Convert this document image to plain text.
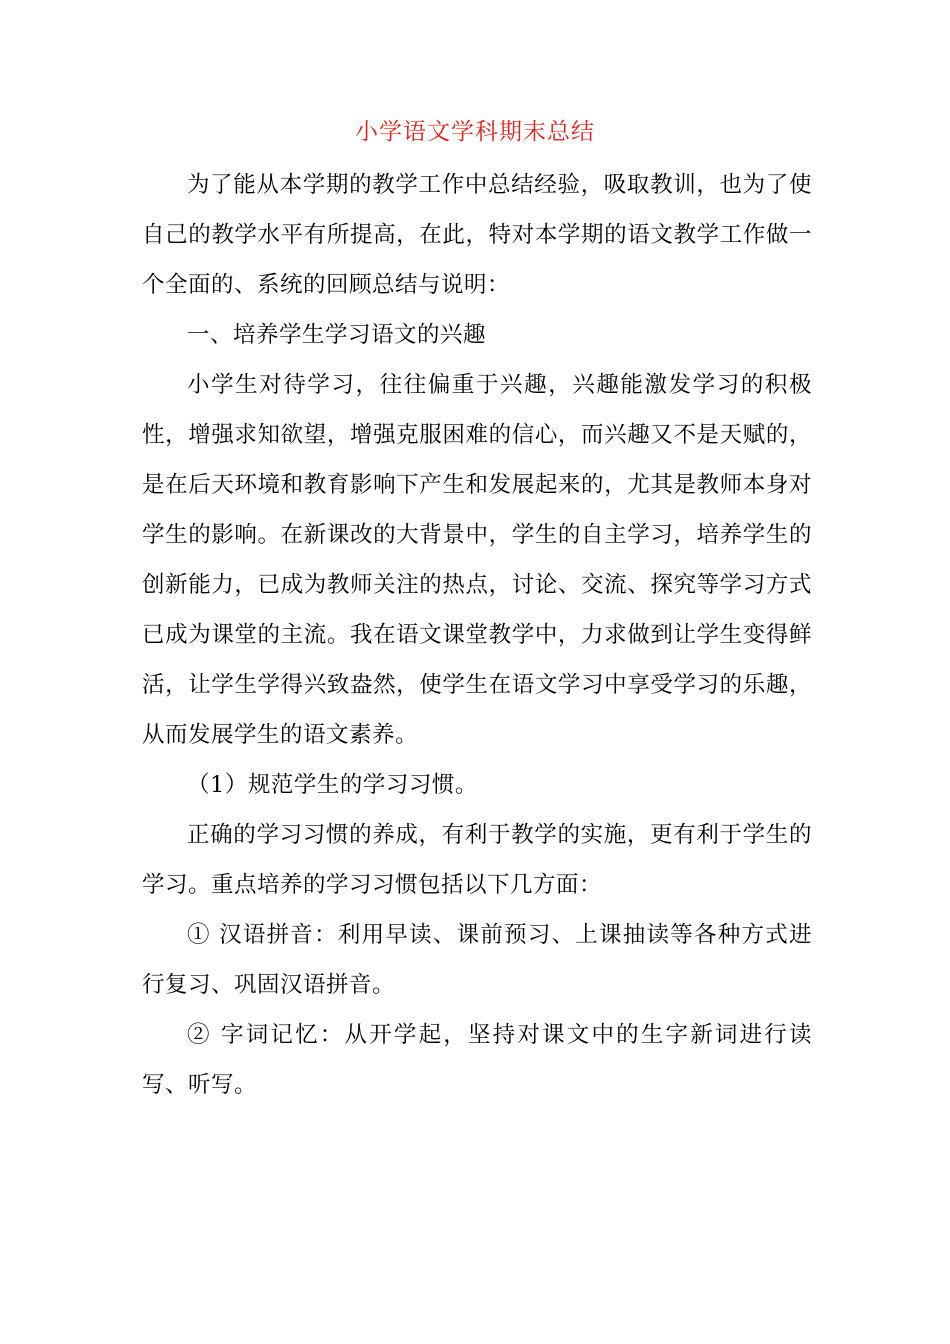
小学语文学科期末总结

为了能从本学期的教学工作中总结经验，吸取教训，也为了使自己的教学水平有所提高，在此，特对本学期的语文教学工作做一个全面的、系统的回顾总结与说明：

一、培养学生学习语文的兴趣

小学生对待学习，往往偏重于兴趣，兴趣能激发学习的积极性，增强求知欲望，增强克服困难的信心，而兴趣又不是天赋的，是在后天环境和教育影响下产生和发展起来的，尤其是教师本身对学生的影响。在新课改的大背景中，学生的自主学习，培养学生的创新能力，已成为教师关注的热点，讨论、交流、探究等学习方式已成为课堂的主流。我在语文课堂教学中，力求做到让学生变得鲜活，让学生学得兴致盎然，使学生在语文学习中享受学习的乐趣，从而发展学生的语文素养。

（1）规范学生的学习习惯。

正确的学习习惯的养成，有利于教学的实施，更有利于学生的学习。重点培养的学习习惯包括以下几方面：

① 汉语拼音：利用早读、课前预习、上课抽读等各种方式进行复习、巩固汉语拼音。

② 字词记忆：从开学起，坚持对课文中的生字新词进行读写、听写。
